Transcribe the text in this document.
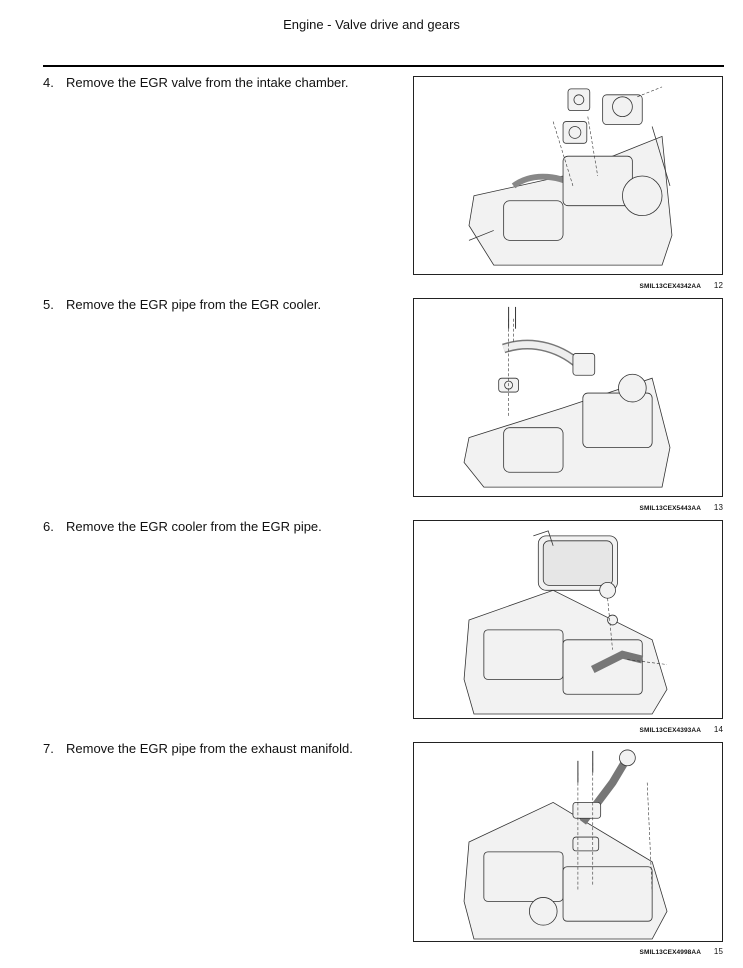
Engine - Valve drive and gears
4. Remove the EGR valve from the intake chamber.
SMIL13CEX4342AA 12
5. Remove the EGR pipe from the EGR cooler.
SMIL13CEX5443AA 13
6. Remove the EGR cooler from the EGR pipe.
SMIL13CEX4393AA 14
7. Remove the EGR pipe from the exhaust manifold.
SMIL13CEX4998AA 15
